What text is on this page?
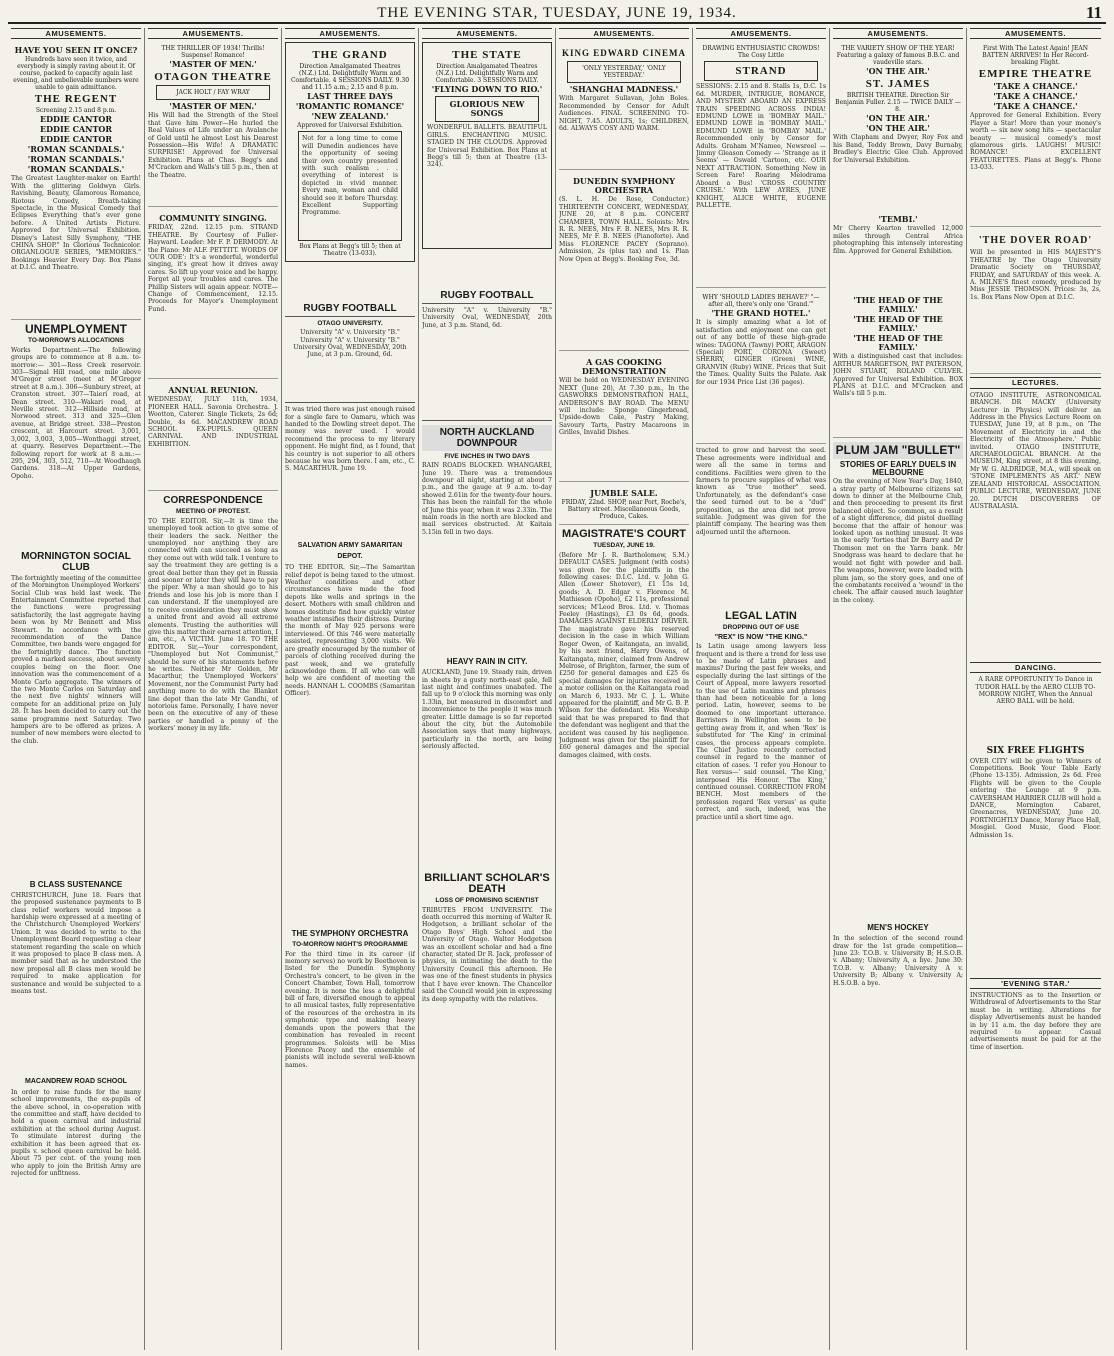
THE EVENING STAR, TUESDAY, JUNE 19, 1934.	11
AMUSEMENTS.
HAVE YOU SEEN IT ONCE?
Hundreds have seen it twice, and everybody is simply raving about it. Of course, packed to capacity again last evening, and unbelievable numbers were unable to gain admittance.
THE REGENT
Screening 2.15 and 8 p.m.
EDDIE CANTOR
EDDIE CANTOR
EDDIE CANTOR
'ROMAN SCANDALS.'
'ROMAN SCANDALS.'
'ROMAN SCANDALS.'
The Greatest Laughter-maker on Earth! With the glittering Goldwyn Girls. Ravishing, Beauty, Glamorous Romance, Riotous Comedy, Breath-taking Spectacle, in the Musical Comedy that Eclipses Everything that's ever gone before. A United Artists Picture. Approved for Universal Exhibition. Disney's Latest Silly Symphony, "THE CHINA SHOP." In Glorious Technicolor. ORGANLOGUE SERIES, "MEMORIES." Bookings Heavier Every Day. Box Plans at D.I.C. and Theatre.
UNEMPLOYMENT
TO-MORROW'S ALLOCATIONS
Works Department.—The following groups are to commence at 8 a.m. to-morrow:— 301—Ross Creek reservoir. 303—Signal Hill road, one mile above M'Gregor street (meet at M'Gregor street at 8 a.m.). 306—Sunbury street, at Cranston street. 307—Taieri road, at Dean street. 310—Wakari road, at Neville street. 312—Hillside road, at Norwood street. 313 and 325—Glen avenue, at Bridge street. 338—Preston crescent, at Harcourt street. 3,001, 3,002, 3,003, 3,005—Wonthaggi street, at quarry. Reserves Department.—The following report for work at 8 a.m.:— 295, 294, 303, 512, 710—At Woodhaugh Gardens. 318—At Upper Gardens, Opoho.
MORNINGTON SOCIAL CLUB
The fortnightly meeting of the committee of the Mornington Unemployed Workers' Social Club was held last week. The Entertainment Committee reported that the functions were progressing satisfactorily, the last aggregate having been won by Mr Bennett and Miss Stewart. In accordance with the recommendation of the Dance Committee, two bands were engaged for the fortnightly dance. The function proved a marked success, about seventy couples being on the floor. One innovation was the commencement of a Monte Carlo aggregate. The winners of the two Monte Carlos on Saturday and the next five nights' winners will compete for an additional prize on July 28. It has been decided to carry out the same programme next Saturday. Two hampers are to be offered as prizes. A number of new members were elected to the club.
B CLASS SUSTENANCE
CHRISTCHURCH, June 18. Fears that the proposed sustenance payments to B class relief workers would impose a hardship were expressed at a meeting of the Christchurch Unemployed Workers' Union. It was decided to write to the Unemployment Board requesting a clear statement regarding the scale on which it was proposed to place B class men. A member said that as he understood the new proposal all B class men would be required to make application for sustenance and would be subjected to a means test.
MACANDREW ROAD SCHOOL
In order to raise funds for the many school improvements, the ex-pupils of the above school, in co-operation with the committee and staff, have decided to hold a queen carnival and industrial exhibition at the school during August. To stimulate interest during the exhibition it has been agreed that ex-pupils v. school queen carnival be held. About 75 per cent. of the young men who apply to join the British Army are rejected for unfitness.
AMUSEMENTS.
THE THRILLER OF 1934! Thrills! Suspense! Romance!
'MASTER OF MEN.'
OTAGON THEATRE
JACK HOLT / FAY WRAY
'MASTER OF MEN.'
His Will had the Strength of the Steel that Gave him Power—He hurled the Real Values of Life under an Avalanche of Gold until he almost Lost his Dearest Possession—His Wife! A DRAMATIC SURPRISE! Approved for Universal Exhibition. Plans at Chas. Begg's and M'Cracken and Walls's till 5 p.m., then at the Theatre.
COMMUNITY SINGING.
FRIDAY, 22nd. 12.15 p.m. STRAND THEATRE. By Courtesy of Fuller-Hayward. Leader: Mr F. P. DERMODY. At the Piano: Mr ALF. PETTITT. WORDS OF 'OUR ODE': It's a wonderful, wonderful singing, it's great how it drives away cares. So lift up your voice and be happy. Forget all your troubles and cares. The Phillip Sisters will again appear. NOTE—Change of Commencement, 12.15. Proceeds for Mayor's Unemployment Fund.
ANNUAL REUNION.
WEDNESDAY, JULY 11th, 1934, PIONEER HALL. Savonia Orchestra. J. Wootton, Caterer. Single Tickets, 2s 6d; Double, 4s 6d. MACANDREW ROAD SCHOOL EX-PUPILS. QUEEN CARNIVAL AND INDUSTRIAL EXHIBITION.
CORRESPONDENCE
MEETING OF PROTEST.
TO THE EDITOR. Sir,—It is time the unemployed took action to give some of their leaders the sack. Neither the unemployed nor anything they are connected with can succeed as long as they come out with wild talk. I venture to say the treatment they are getting is a great deal better than they get in Russia and sooner or later they will have to pay the piper. Why a man should go to his friends and lose his job is more than I can understand. If the unemployed are to receive consideration they must show a united front and avoid all extreme elements. Trusting the authorities will give this matter their earnest attention, I am, etc., A VICTIM. June 18. TO THE EDITOR. Sir,—Your correspondent, "Unemployed but Not Communist," should be sure of his statements before he writes. Neither Mr Golden, Mr Macarthur, the Unemployed Workers' Movement, nor the Communist Party had anything more to do with the Blanket line depot than the late Mr Gandhi, of notorious fame. Personally, I have never been on the executive of any of these parties or handled a penny of the workers' money in my life.
AMUSEMENTS.
THE GRAND
Direction Amalgamated Theatres (N.Z.) Ltd. Delightfully Warm and Comfortable. 4 SESSIONS DAILY. 9.30 and 11.15 a.m.; 2.15 and 8 p.m.
LAST THREE DAYS
'ROMANTIC ROMANCE'
'NEW ZEALAND.'
Approved for Universal Exhibition.
Not for a long time to come will Dunedin audiences have the opportunity of seeing their own country presented with such realism . . . everything of interest is depicted in vivid manner. Every man, woman and child should see it before Thursday. Excellent Supporting Programme.
Box Plans at Begg's till 5; then at Theatre (13-033).
RUGBY FOOTBALL
OTAGO UNIVERSITY.
University "A" v. University "B." University "A" v. University "B." University Oval, WEDNESDAY, 20th June, at 3 p.m. Ground, 6d.
It was tried there was just enough raised for a single fare to Oamaru, which was handed to the Dowling street depot. The money was never used. I would recommend the process to my literary opponent. He might find, as I found, that his country is not superior to all others because he was born there. I am, etc., C. S. MACARTHUR. June 19.
SALVATION ARMY SAMARITAN DEPOT.
TO THE EDITOR. Sir,—The Samaritan relief depot is being taxed to the utmost. Weather conditions and other circumstances have made the food depots like wells and springs in the desert. Mothers with small children and homes destitute find how quickly winter weather intensifies their distress. During the month of May 925 persons were interviewed. Of this 746 were materially assisted, representing 3,000 visits. We are greatly encouraged by the number of parcels of clothing received during the past week, and we gratefully acknowledge them. If all who can will help we are confident of meeting the needs. HANNAH L. COOMBS (Samaritan Officer).
THE SYMPHONY ORCHESTRA
TO-MORROW NIGHT'S PROGRAMME
For the third time in its career (if memory serves) no work by Beethoven is listed for the Dunedin Symphony Orchestra's concert, to be given in the Concert Chamber, Town Hall, tomorrow evening. It is none the less a delightful bill of fare, diversified enough to appeal to all musical tastes, fully representative of the resources of the orchestra in its symphonic type and making heavy demands upon the powers that the combination has revealed in recent programmes. Soloists will be Miss Florence Pacey and the ensemble of pianists will include several well-known names.
AMUSEMENTS.
THE STATE
Direction Amalgamated Theatres (N.Z.) Ltd. Delightfully Warm and Comfortable. 3 SESSIONS DAILY.
'FLYING DOWN TO RIO.'
GLORIOUS NEW SONGS
WONDERFUL BALLETS. BEAUTIFUL GIRLS. ENCHANTING MUSIC. STAGED IN THE CLOUDS. Approved for Universal Exhibition. Box Plans at Begg's till 5; then at Theatre (13-324).
RUGBY FOOTBALL
University "A" v. University "B." University Oval, WEDNESDAY, 20th June, at 3 p.m. Stand, 6d.
NORTH AUCKLAND DOWNPOUR
FIVE INCHES IN TWO DAYS
RAIN ROADS BLOCKED. WHANGAREI, June 19. There was a tremendous downpour all night, starting at about 7 p.m., and the gauge at 9 a.m. to-day showed 2.61in for the twenty-four hours. This has been the rainfall for the whole of June this year, when it was 2.33in. The main roads in the north are blocked and mail services obstructed. At Kaitaia 5.15in fell in two days.
HEAVY RAIN IN CITY.
AUCKLAND, June 19. Steady rain, driven in sheets by a gusty north-east gale, fell last night and continues unabated. The fall up to 9 o'clock this morning was only 1.33in, but measured in discomfort and inconvenience to the people it was much greater. Little damage is so far reported about the city, but the Automobile Association says that many highways, particularly in the north, are being seriously affected.
BRILLIANT SCHOLAR'S DEATH
LOSS OF PROMISING SCIENTIST
TRIBUTES FROM UNIVERSITY. The death occurred this morning of Walter R. Hodgetson, a brilliant scholar of the Otago Boys' High School and the University of Otago. Walter Hodgetson was an excellent scholar and had a fine character, stated Dr R. Jack, professor of physics, in intimating the death to the University Council this afternoon. He was one of the finest students in physics that I have ever known. The Chancellor said the Council would join in expressing its deep sympathy with the relatives.
AMUSEMENTS.
KING EDWARD CINEMA
'ONLY YESTERDAY,' 'ONLY YESTERDAY.'
'SHANGHAI MADNESS.'
With Margaret Sullavan, John Boles. Recommended by Censor for Adult Audiences. FINAL SCREENING TO-NIGHT, 7.45. ADULTS, 1s; CHILDREN, 6d. ALWAYS COSY AND WARM.
DUNEDIN SYMPHONY ORCHESTRA
(S. L. H. De Rose, Conductor.) THIRTEENTH CONCERT, WEDNESDAY, JUNE 20, at 8 p.m. CONCERT CHAMBER, TOWN HALL. Soloists: Mrs R. R. NEES, Mrs F. B. NEES, Mrs R. R. NEES, Mr F. B. NEES (Pianoforte). And Miss FLORENCE PACEY (Soprano). Admission, 2s (plus tax) and 1s. Plan Now Open at Begg's. Booking Fee, 3d.
A GAS COOKING DEMONSTRATION
Will be held on WEDNESDAY EVENING NEXT (June 20), At 7.30 p.m., In the GASWORKS DEMONSTRATION HALL, ANDERSON'S BAY ROAD. The MENU will include: Sponge Gingerbread, Upside-down Cake, Pastry Making, Savoury Tarts, Pastry Macaroons in Grilles, Invalid Dishes.
JUMBLE SALE.
FRIDAY, 22nd. SHOP, near Port, Roche's, Battery street. Miscellaneous Goods, Produce, Cakes.
MAGISTRATE'S COURT
TUESDAY, JUNE 19.
(Before Mr J. R. Bartholomew, S.M.) DEFAULT CASES. Judgment (with costs) was given for the plaintiffs in the following cases: D.I.C. Ltd. v. John G. Allen (Lower Shotover), £1 15s 1d, goods; A. D. Edgar v. Florence M. Mathieson (Opoho), £2 11s, professional services; M'Leod Bros. Ltd. v. Thomas Feeley (Hastings), £3 0s 6d, goods. DAMAGES AGAINST ELDERLY DRIVER. The magistrate gave his reserved decision in the case in which William Roger Owen, of Kaitangata, an invalid, by his next friend, Harry Owens, of Kaitangata, miner, claimed from Andrew Melrose, of Brighton, farmer, the sum of £250 for general damages and £25 6s special damages for injuries received in a motor collision on the Kaitangata road on March 6, 1933. Mr C. J. L. White appeared for the plaintiff, and Mr G. B. P. Wilson for the defendant. His Worship said that he was prepared to find that the defendant was negligent and that the accident was caused by his negligence. Judgment was given for the plaintiff for £60 general damages and the special damages claimed, with costs.
AMUSEMENTS.
DRAWING ENTHUSIASTIC CROWDS! The Cosy Little
STRAND
SESSIONS: 2.15 and 8. Stalls 1s, D.C. 1s 6d. MURDER, INTRIGUE, ROMANCE, AND MYSTERY ABOARD AN EXPRESS TRAIN SPEEDING ACROSS INDIA! EDMUND LOWE in 'BOMBAY MAIL.' EDMUND LOWE in 'BOMBAY MAIL.' EDMUND LOWE in 'BOMBAY MAIL.' Recommended only by Censor for Adults. Graham M'Namee, Newsreel — Jimmy Gleason Comedy — 'Strange as it Seems' — Oswald 'Cartoon, etc. OUR NEXT ATTRACTION. Something New in Screen Fare! Roaring Melodrama Aboard a Bus! 'CROSS COUNTRY CRUISE.' With LEW AYRES, JUNE KNIGHT, ALICE WHITE, EUGENE PALLETTE.
WHY 'SHOULD LADIES BEHAVE?' "—after all, there's only one 'Grand.'"
'THE GRAND HOTEL.'
It is simply amazing what a lot of satisfaction and enjoyment one can get out of any bottle of these high-grade wines: TAGONA (Tawny) PORT, ARAGON (Special) PORT, CORONA (Sweet) SHERRY, GINGER (Green) WINE, GRANVIN (Ruby) WINE. Prices that Suit the Times. Quality Suits the Palate. Ask for our 1934 Price List (36 pages).
tracted to grow and harvest the seed. These agreements were individual and were all the same in terms and conditions. Facilities were given to the farmers to procure supplies of what was known as "true mother" seed. Unfortunately, as the defendant's case the seed turned out to be a "dud" proposition, as the area did not prove suitable. Judgment was given for the plaintiff company. The hearing was then adjourned until the afternoon.
LEGAL LATIN
DROPPING OUT OF USE
"REX" IS NOW "THE KING."
Is Latin usage among lawyers less frequent and is there a trend for less use to be made of Latin phrases and maxims? During the past few weeks, and especially during the last sittings of the Court of Appeal, more lawyers resorted to the use of Latin maxims and phrases than had been noticeable for a long period. Latin, however, seems to be doomed to one important utterance. Barristers in Wellington seem to be getting away from it, and when 'Rex' is substituted for 'The King' in criminal cases, the process appears complete. The Chief Justice recently corrected counsel in regard to the manner of citation of cases. 'I refer you Honour to Rex versus—' said counsel. 'The King,' interposed His Honour. 'The King,' continued counsel. CORRECTION FROM BENCH. Most members of the profession regard 'Rex versus' as quite correct, and such, indeed, was the practice until a short time ago.
AMUSEMENTS.
THE VARIETY SHOW OF THE YEAR! Featuring a galaxy of famous B.B.C. and vaudeville stars.
'ON THE AIR.'
ST. JAMES
BRITISH THEATRE. Direction Sir Benjamin Fuller. 2.15 — TWICE DAILY — 8.
'ON THE AIR.'
'ON THE AIR.'
With Clapham and Dwyer, Roy Fox and his Band, Teddy Brown, Davy Burnaby, Bradley's Electric Glee Club. Approved for Universal Exhibition.
'TEMBI.'
Mr Cherry Kearton travelled 12,000 miles through Central Africa photographing this intensely interesting film. Approved for General Exhibition.
'THE HEAD OF THE FAMILY.'
'THE HEAD OF THE FAMILY.'
'THE HEAD OF THE FAMILY.'
With a distinguished cast that includes: ARTHUR MARGETSON, PAT PATERSON, JOHN STUART, ROLAND CULVER. Approved for Universal Exhibition. BOX PLANS at D.I.C. and M'Cracken and Walls's till 5 p.m.
PLUM JAM "BULLET"
STORIES OF EARLY DUELS IN MELBOURNE
On the evening of New Year's Day, 1840, a stray party of Melbourne citizens sat down to dinner at the Melbourne Club, and then proceeding to present its first balanced object. So common, as a result of a slight difference, did pistol duelling become that the affair of honour was looked upon as nothing unusual. It was in the early 'forties that Dr Barry and Dr Thomson met on the Yarra bank. Mr Snodgrass was heard to declare that he would not fight with powder and ball. The weapons, however, were loaded with plum jam, so the story goes, and one of the combatants received a 'wound' in the cheek. The affair caused much laughter in the colony.
MEN'S HOCKEY
In the selection of the second round draw for the 1st grade competition—June 23: T.O.B. v. University B; H.S.O.B. v. Albany; University A, a bye. June 30: T.O.B. v. Albany; University A v. University B; Albany v. University A; H.S.O.B. a bye.
AMUSEMENTS.
First With The Latest Again! JEAN BATTEN ARRIVES! In Her Record-breaking Flight.
EMPIRE THEATRE
'TAKE A CHANCE.'
'TAKE A CHANCE.'
'TAKE A CHANCE.'
Approved for General Exhibition. Every Player a Star! More than your money's worth — six new song hits — spectacular beauty — musical comedy's most glamorous girls. LAUGHS! MUSIC! ROMANCE! EXCELLENT FEATURETTES. Plans at Begg's. Phone 13-033.
'THE DOVER ROAD'
Will be presented in HIS MAJESTY'S THEATRE by The Otago University Dramatic Society on THURSDAY, FRIDAY, and SATURDAY of this week. A. A. MILNE'S finest comedy, produced by Miss JESSIE THOMSON. Prices: 3s, 2s, 1s. Box Plans Now Open at D.I.C.
LECTURES.
OTAGO INSTITUTE, ASTRONOMICAL BRANCH. DR MACKY (University Lecturer in Physics) will deliver an Address in the Physics Lecture Room on TUESDAY, June 19, at 8 p.m., on 'The Movement of Electricity in and the Electricity of the Atmosphere.' Public invited. OTAGO INSTITUTE, ARCHAEOLOGICAL BRANCH. At the MUSEUM, King street, at 8 this evening, Mr W. G. ALDRIDGE, M.A., will speak on 'STONE IMPLEMENTS AS ART.' NEW ZEALAND HISTORICAL ASSOCIATION. PUBLIC LECTURE, WEDNESDAY, JUNE 20. DUTCH DISCOVERERS OF AUSTRALASIA.
DANCING.
A RARE OPPORTUNITY To Dance in TUDOR HALL by the AERO CLUB TO-MORROW NIGHT, When the Annual AERO BALL will be held.
SIX FREE FLIGHTS
OVER CITY will be given to Winners of Competitions. Book Your Table Early (Phone 13-135). Admission, 2s 6d. Free Flights will be given to the Couple entering the Lounge at 9 p.m. CAVERSHAM HARRIER CLUB will hold a DANCE, Mornington Cabaret, Greenacres, WEDNESDAY, June 20. FORTNIGHTLY Dance, Moray Place Hall, Mosgiel. Good Music, Good Floor. Admission 1s.
'EVENING STAR.'
INSTRUCTIONS as to the Insertion or Withdrawal of Advertisements to the Star must be in writing. Alterations for display Advertisements must be handed in by 11 a.m. the day before they are required to appear. Casual advertisements must be paid for at the time of insertion.
